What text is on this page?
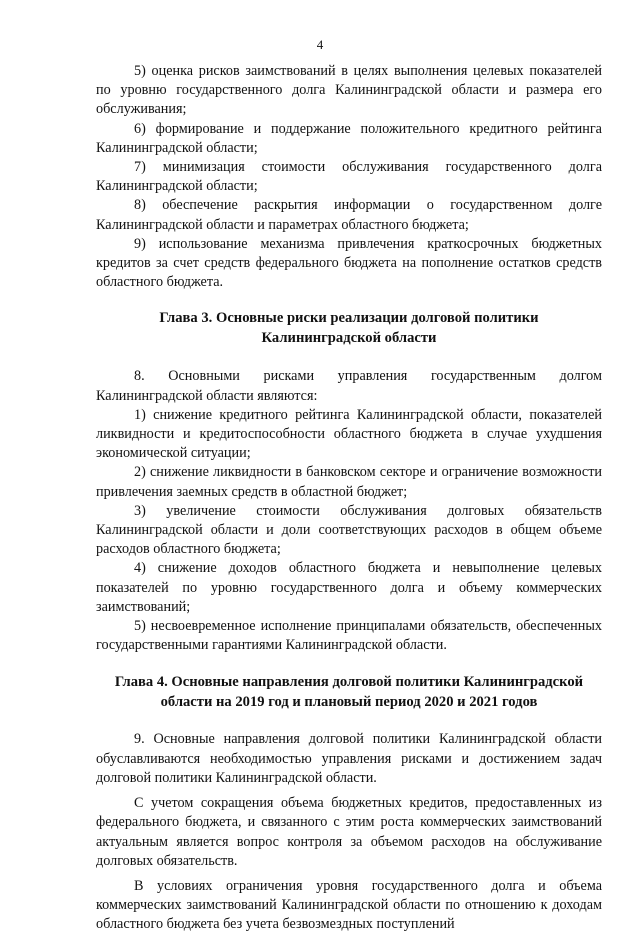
4

5) оценка рисков заимствований в целях выполнения целевых показателей по уровню государственного долга Калининградской области и размера его обслуживания;

6) формирование и поддержание положительного кредитного рейтинга Калининградской области;

7) минимизация стоимости обслуживания государственного долга Калининградской области;

8) обеспечение раскрытия информации о государственном долге Калининградской области и параметрах областного бюджета;

9) использование механизма привлечения краткосрочных бюджетных кредитов за счет средств федерального бюджета на пополнение остатков средств областного бюджета.

Глава 3. Основные риски реализации долговой политики
Калининградской области

8. Основными рисками управления государственным долгом Калининградской области являются:

1) снижение кредитного рейтинга Калининградской области, показателей ликвидности и кредитоспособности областного бюджета в случае ухудшения экономической ситуации;

2) снижение ликвидности в банковском секторе и ограничение возможности привлечения заемных средств в областной бюджет;

3) увеличение стоимости обслуживания долговых обязательств Калининградской области и доли соответствующих расходов в общем объеме расходов областного бюджета;

4) снижение доходов областного бюджета и невыполнение целевых показателей по уровню государственного долга и объему коммерческих заимствований;

5) несвоевременное исполнение принципалами обязательств, обеспеченных государственными гарантиями Калининградской области.

Глава 4. Основные направления долговой политики Калининградской
области на 2019 год и плановый период 2020 и 2021 годов

9. Основные направления долговой политики Калининградской области обуславливаются необходимостью управления рисками и достижением задач долговой политики Калининградской области.

С учетом сокращения объема бюджетных кредитов, предоставленных из федерального бюджета, и связанного с этим роста коммерческих заимствований актуальным является вопрос контроля за объемом расходов на обслуживание долговых обязательств.

В условиях ограничения уровня государственного долга и объема коммерческих заимствований Калининградской области по отношению к доходам областного бюджета без учета безвозмездных поступлений
